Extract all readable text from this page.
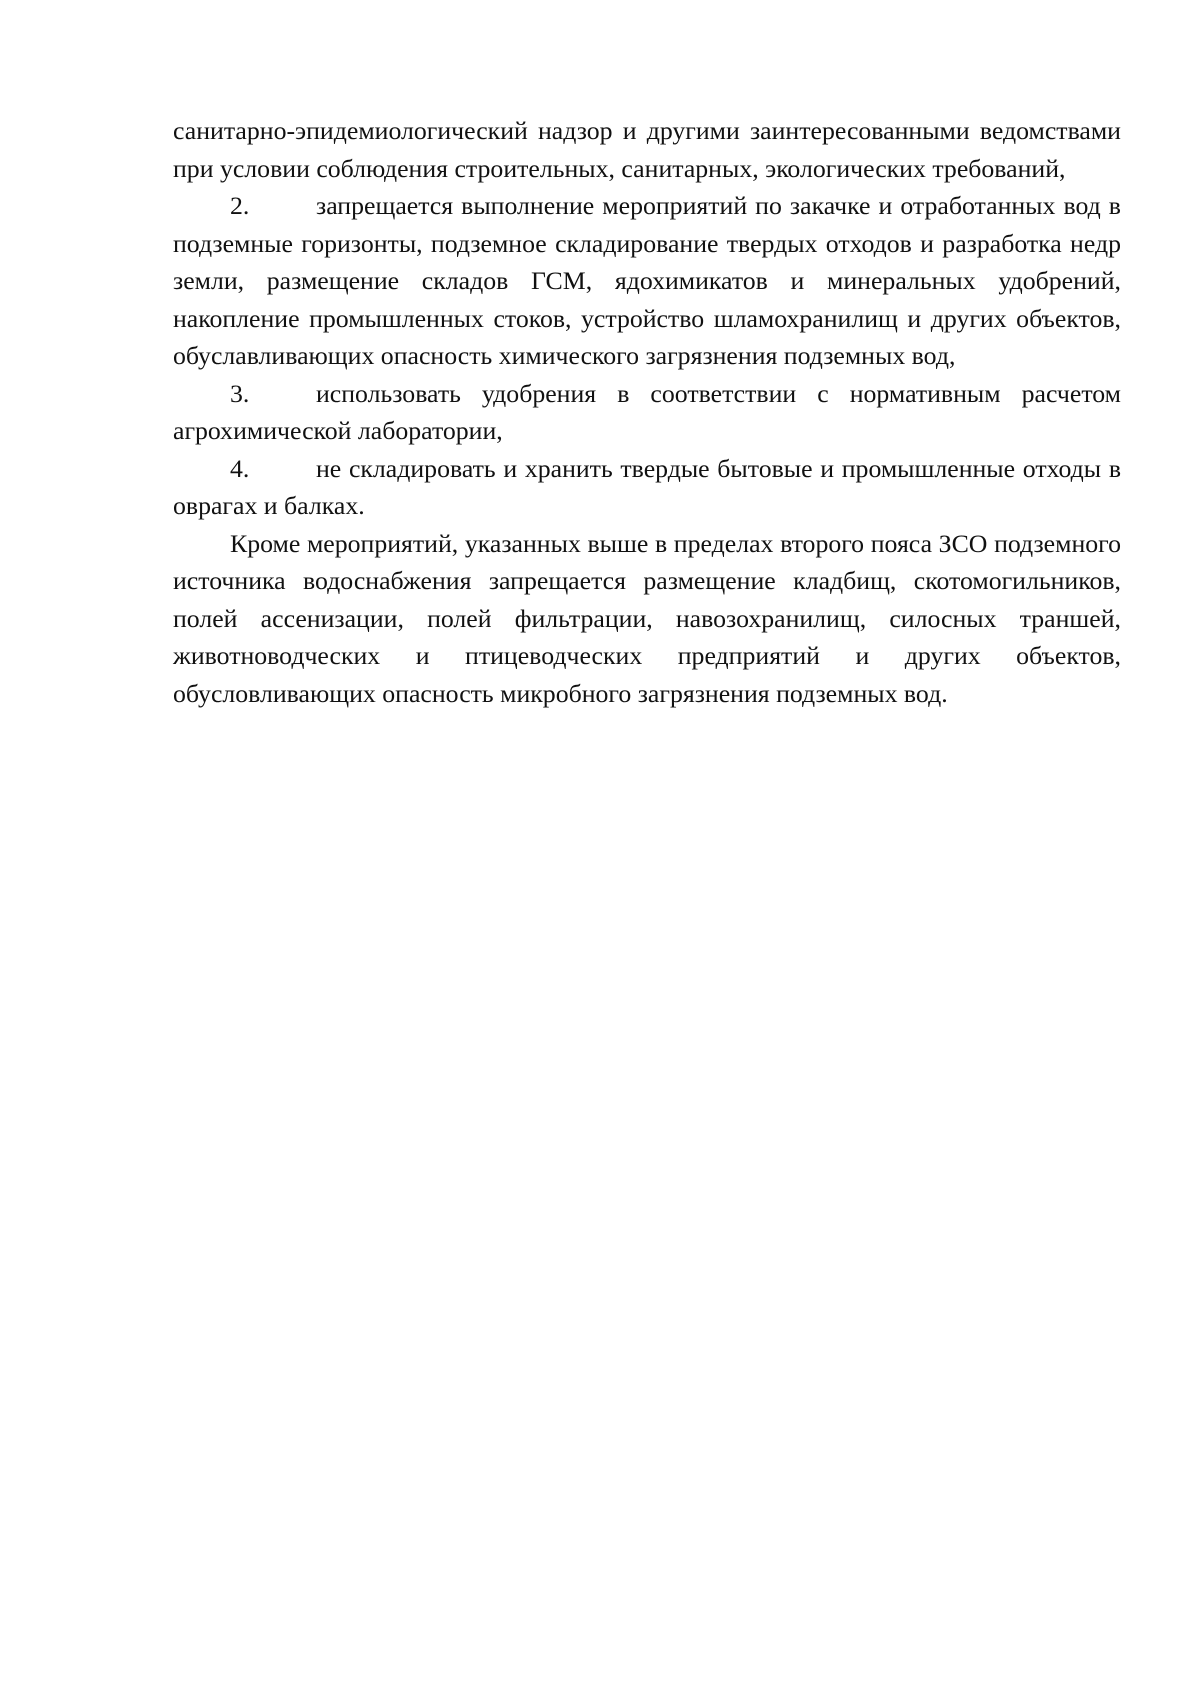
санитарно-эпидемиологический надзор и другими заинтересованными ведомствами при условии соблюдения строительных, санитарных, экологических требований,

2.	запрещается выполнение мероприятий по закачке и отработанных вод в подземные горизонты, подземное складирование твердых отходов и разработка недр земли, размещение складов ГСМ, ядохимикатов и минеральных удобрений, накопление промышленных стоков, устройство шламохранилищ и других объектов, обуславливающих опасность химического загрязнения подземных вод,

3.	использовать удобрения в соответствии с нормативным расчетом агрохимической лаборатории,

4.	не складировать и хранить твердые бытовые и промышленные отходы в оврагах и балках.

Кроме мероприятий, указанных выше в пределах второго пояса ЗСО подземного источника водоснабжения запрещается размещение кладбищ, скотомогильников, полей ассенизации, полей фильтрации, навозохранилищ, силосных траншей, животноводческих и птицеводческих предприятий и других объектов, обусловливающих опасность микробного загрязнения подземных вод.
